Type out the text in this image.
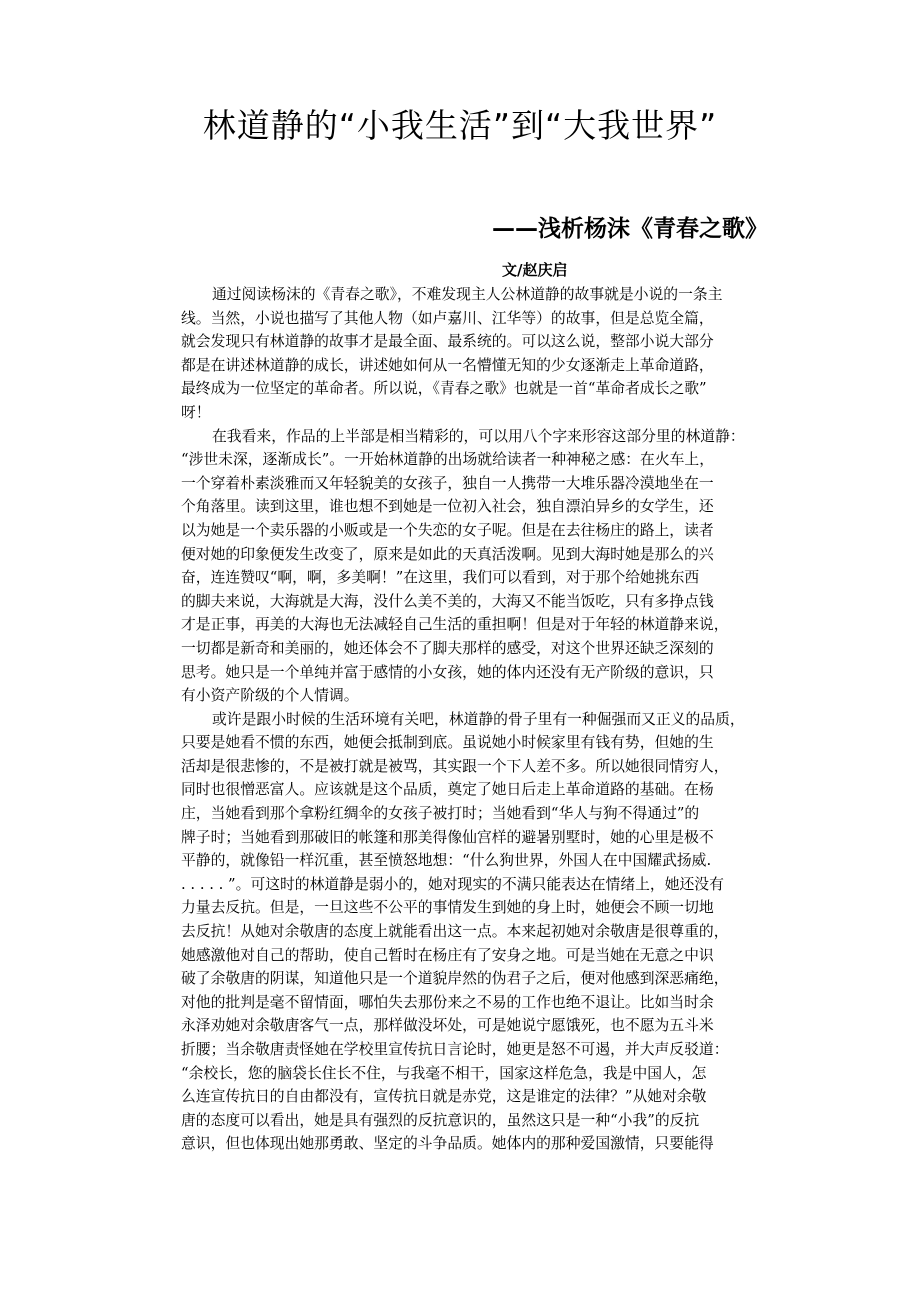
林道静的“小我生活”到“大我世界”
——浅析杨沫《青春之歌》
文/赵庆启
通过阅读杨沫的《青春之歌》，不难发现主人公林道静的故事就是小说的一条主
线。当然，小说也描写了其他人物（如卢嘉川、江华等）的故事，但是总览全篇，
就会发现只有林道静的故事才是最全面、最系统的。可以这么说，整部小说大部分
都是在讲述林道静的成长，讲述她如何从一名懵懂无知的少女逐渐走上革命道路，
最终成为一位坚定的革命者。所以说，《青春之歌》也就是一首“革命者成长之歌”
呀！
在我看来，作品的上半部是相当精彩的，可以用八个字来形容这部分里的林道静：
“涉世未深，逐渐成长”。一开始林道静的出场就给读者一种神秘之感：在火车上，
一个穿着朴素淡雅而又年轻貌美的女孩子，独自一人携带一大堆乐器冷漠地坐在一
个角落里。读到这里，谁也想不到她是一位初入社会，独自漂泊异乡的女学生，还
以为她是一个卖乐器的小贩或是一个失恋的女子呢。但是在去往杨庄的路上，读者
便对她的印象便发生改变了，原来是如此的天真活泼啊。见到大海时她是那么的兴
奋，连连赞叹“啊，啊，多美啊！”在这里，我们可以看到，对于那个给她挑东西
的脚夫来说，大海就是大海，没什么美不美的，大海又不能当饭吃，只有多挣点钱
才是正事，再美的大海也无法减轻自己生活的重担啊！但是对于年轻的林道静来说，
一切都是新奇和美丽的，她还体会不了脚夫那样的感受，对这个世界还缺乏深刻的
思考。她只是一个单纯并富于感情的小女孩，她的体内还没有无产阶级的意识，只
有小资产阶级的个人情调。
或许是跟小时候的生活环境有关吧，林道静的骨子里有一种倔强而又正义的品质，
只要是她看不惯的东西，她便会抵制到底。虽说她小时候家里有钱有势，但她的生
活却是很悲惨的，不是被打就是被骂，其实跟一个下人差不多。所以她很同情穷人，
同时也很憎恶富人。应该就是这个品质，奠定了她日后走上革命道路的基础。在杨
庄，当她看到那个拿粉红绸伞的女孩子被打时；当她看到“华人与狗不得通过”的
牌子时；当她看到那破旧的帐篷和那美得像仙宫样的避暑别墅时，她的心里是极不
平静的，就像铅一样沉重，甚至愤怒地想：“什么狗世界，外国人在中国耀武扬威.
. . . . . ”。可这时的林道静是弱小的，她对现实的不满只能表达在情绪上，她还没有
力量去反抗。但是，一旦这些不公平的事情发生到她的身上时，她便会不顾一切地
去反抗！从她对余敬唐的态度上就能看出这一点。本来起初她对余敬唐是很尊重的，
她感激他对自己的帮助，使自己暂时在杨庄有了安身之地。可是当她在无意之中识
破了余敬唐的阴谋，知道他只是一个道貌岸然的伪君子之后，便对他感到深恶痛绝，
对他的批判是毫不留情面，哪怕失去那份来之不易的工作也绝不退让。比如当时余
永泽劝她对余敬唐客气一点，那样做没坏处，可是她说宁愿饿死，也不愿为五斗米
折腰；当余敬唐责怪她在学校里宣传抗日言论时，她更是怒不可遏，并大声反驳道：
“余校长，您的脑袋长住长不住，与我毫不相干，国家这样危急，我是中国人，怎
么连宣传抗日的自由都没有，宣传抗日就是赤党，这是谁定的法律？”从她对余敬
唐的态度可以看出，她是具有强烈的反抗意识的，虽然这只是一种“小我”的反抗
意识，但也体现出她那勇敢、坚定的斗争品质。她体内的那种爱国激情，只要能得
